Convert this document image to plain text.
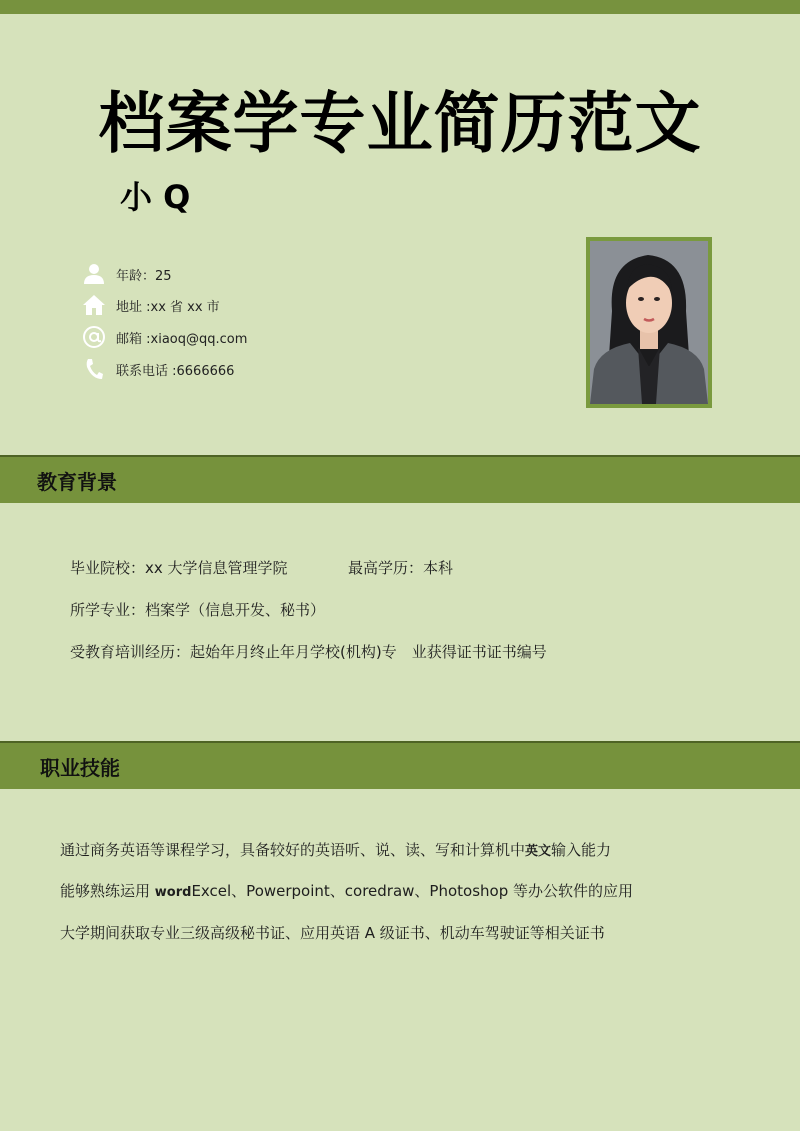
档案学专业简历范文
小 Q
年龄：25
地址 :xx 省 xx 市
邮箱 :xiaoq@qq.com
联系电话 :6666666
教育背景
毕业院校：xx 大学信息管理学院	最高学历：本科
所学专业：档案学（信息开发、秘书）
受教育培训经历：起始年月终止年月学校(机构)专　业获得证书证书编号
职业技能
通过商务英语等课程学习，具备较好的英语听、说、读、写和计算机中英文输入能力
能够熟练运用 wordExcel、Powerpoint、coredraw、Photoshop 等办公软件的应用
大学期间获取专业三级高级秘书证、应用英语 A 级证书、机动车驾驶证等相关证书
